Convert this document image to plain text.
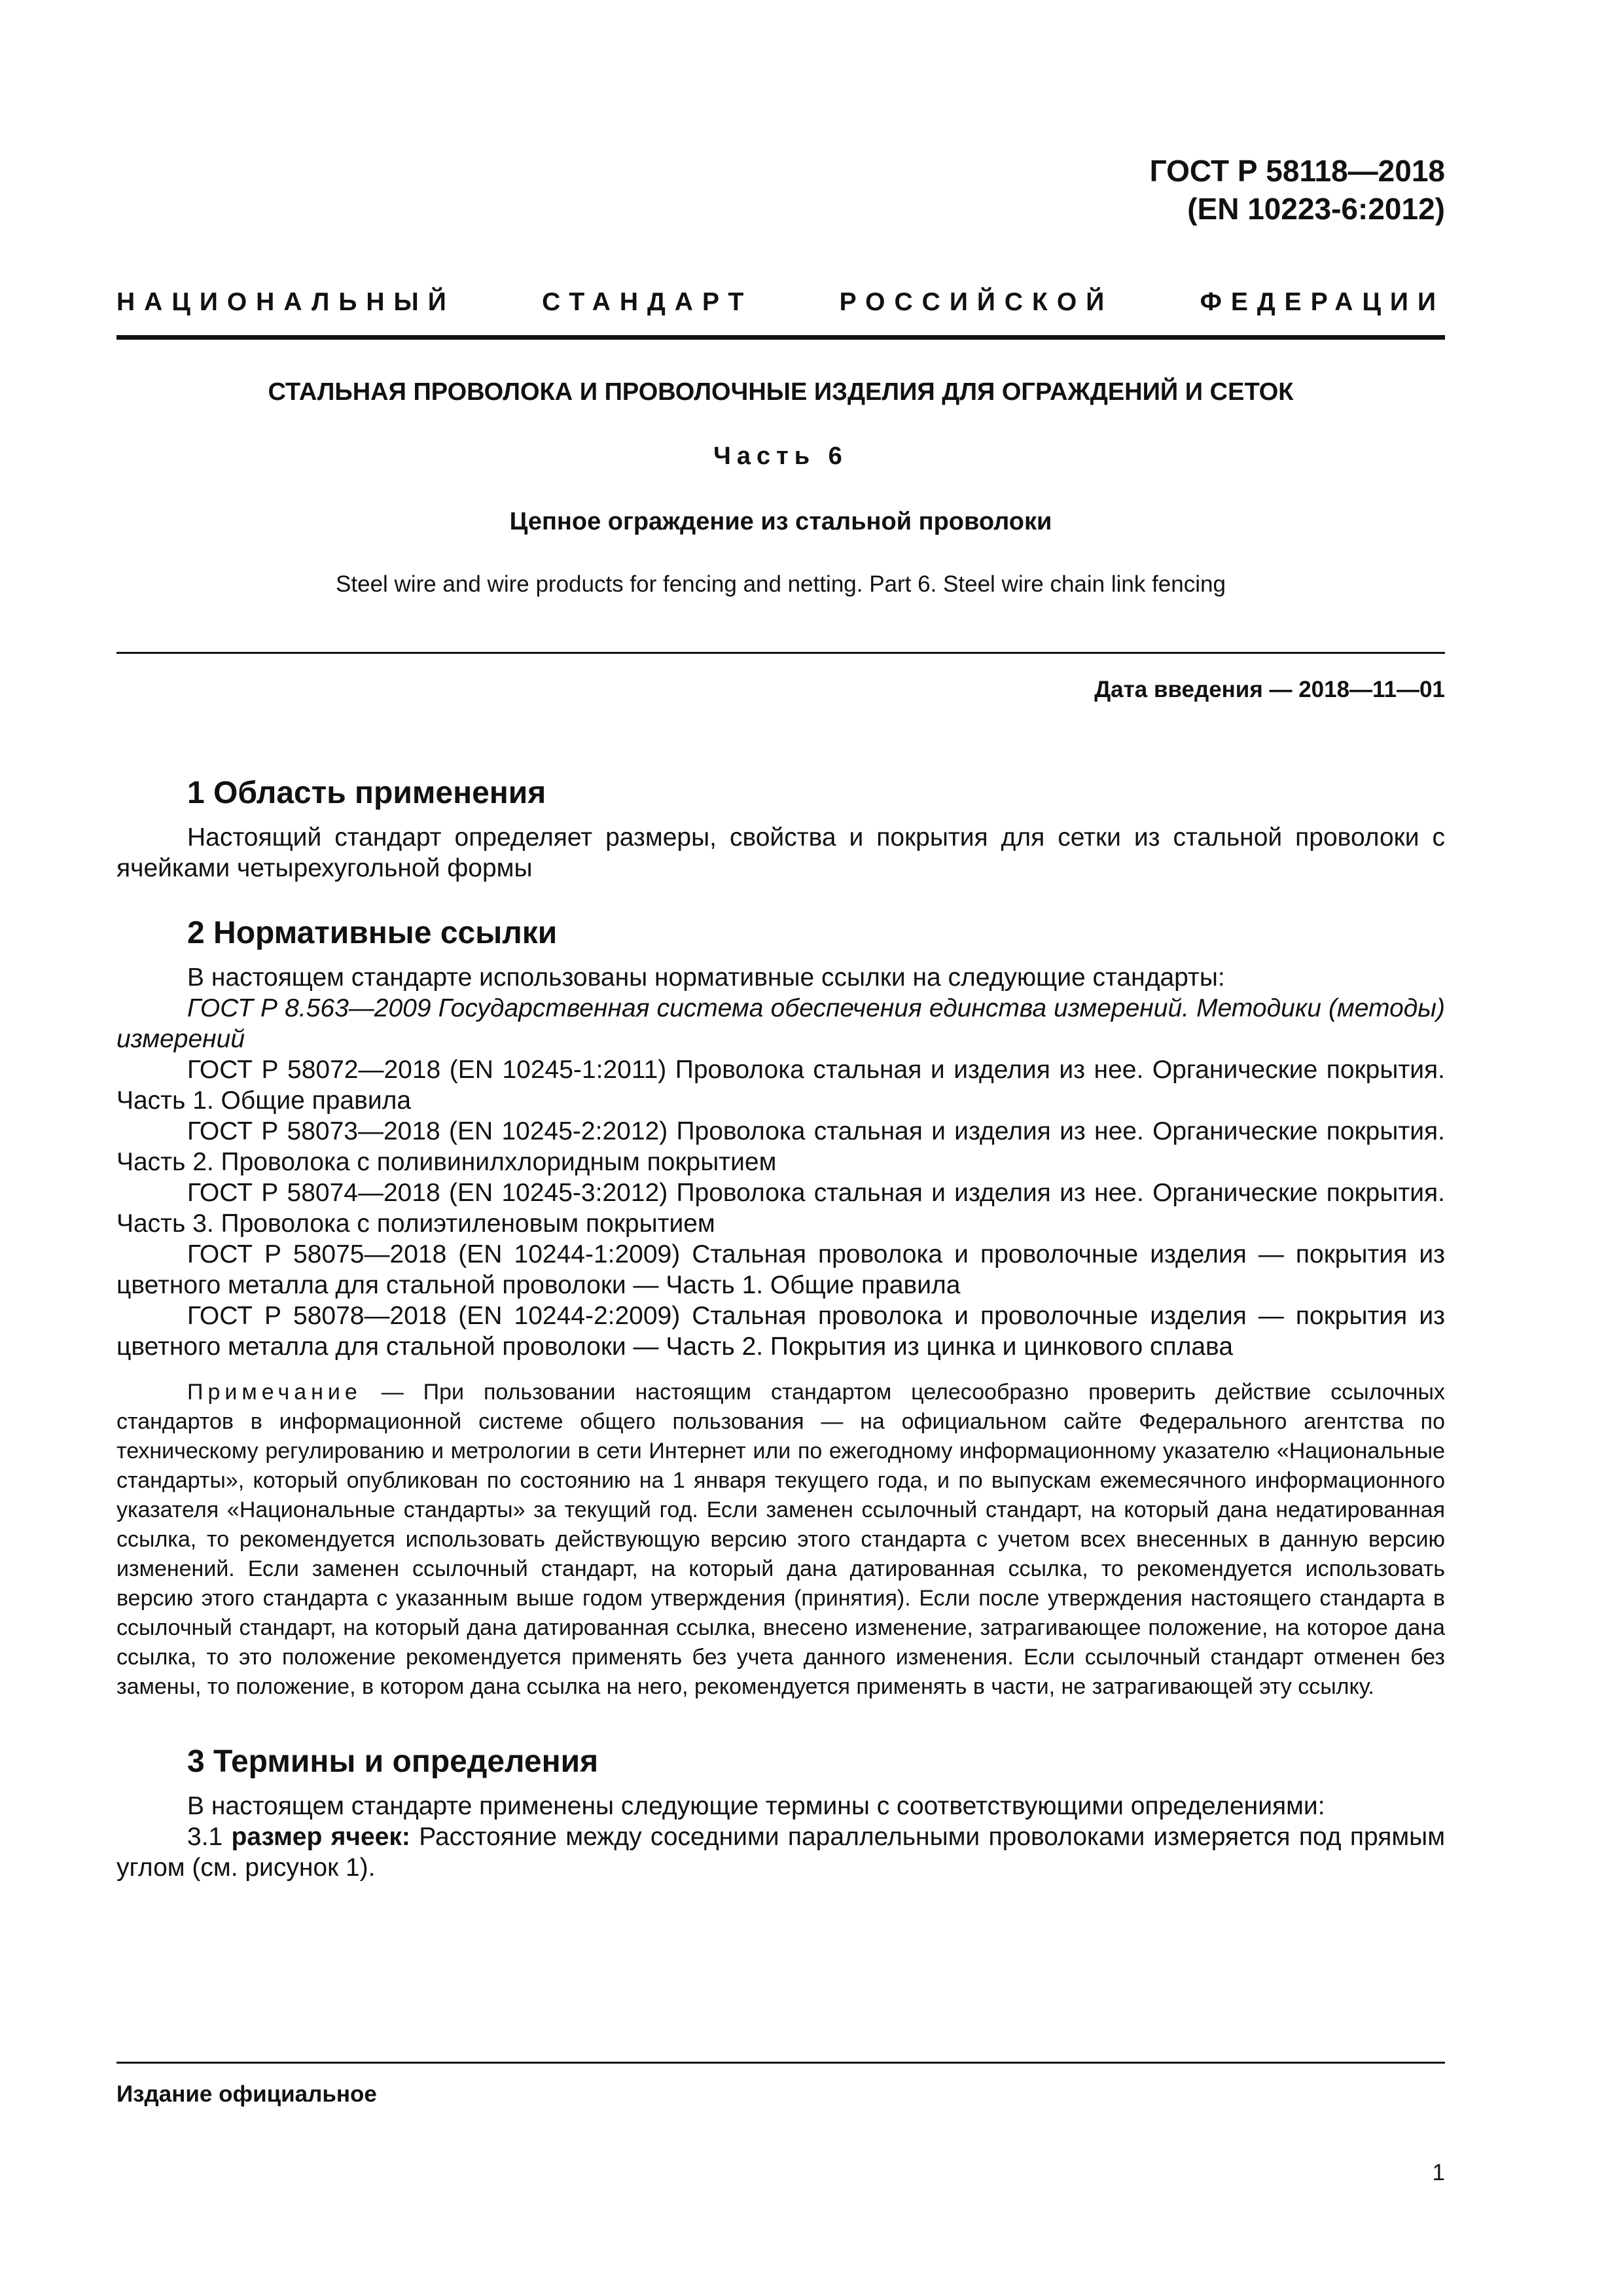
ГОСТ Р 58118—2018
(EN 10223-6:2012)
НАЦИОНАЛЬНЫЙ СТАНДАРТ РОССИЙСКОЙ ФЕДЕРАЦИИ
СТАЛЬНАЯ ПРОВОЛОКА И ПРОВОЛОЧНЫЕ ИЗДЕЛИЯ ДЛЯ ОГРАЖДЕНИЙ И СЕТОК
Часть 6
Цепное ограждение из стальной проволоки
Steel wire and wire products for fencing and netting. Part 6. Steel wire chain link fencing
Дата введения — 2018—11—01
1 Область применения

Настоящий стандарт определяет размеры, свойства и покрытия для сетки из стальной проволоки с ячейками четырехугольной формы

2 Нормативные ссылки

В настоящем стандарте использованы нормативные ссылки на следующие стандарты:

ГОСТ Р 8.563—2009 Государственная система обеспечения единства измерений. Методики (методы) измерений

ГОСТ Р 58072—2018 (EN 10245-1:2011) Проволока стальная и изделия из нее. Органические покрытия. Часть 1. Общие правила

ГОСТ Р 58073—2018 (EN 10245-2:2012) Проволока стальная и изделия из нее. Органические покрытия. Часть 2. Проволока с поливинилхлоридным покрытием

ГОСТ Р 58074—2018 (EN 10245-3:2012) Проволока стальная и изделия из нее. Органические покрытия. Часть 3. Проволока с полиэтиленовым покрытием

ГОСТ Р 58075—2018 (EN 10244-1:2009) Стальная проволока и проволочные изделия — покрытия из цветного металла для стальной проволоки — Часть 1. Общие правила

ГОСТ Р 58078—2018 (EN 10244-2:2009) Стальная проволока и проволочные изделия — покрытия из цветного металла для стальной проволоки — Часть 2. Покрытия из цинка и цинкового сплава

Примечание — При пользовании настоящим стандартом целесообразно проверить действие ссылочных стандартов в информационной системе общего пользования — на официальном сайте Федерального агентства по техническому регулированию и метрологии в сети Интернет или по ежегодному информационному указателю «Национальные стандарты», который опубликован по состоянию на 1 января текущего года, и по выпускам ежемесячного информационного указателя «Национальные стандарты» за текущий год. Если заменен ссылочный стандарт, на который дана недатированная ссылка, то рекомендуется использовать действующую версию этого стандарта с учетом всех внесенных в данную версию изменений. Если заменен ссылочный стандарт, на который дана датированная ссылка, то рекомендуется использовать версию этого стандарта с указанным выше годом утверждения (принятия). Если после утверждения настоящего стандарта в ссылочный стандарт, на который дана датированная ссылка, внесено изменение, затрагивающее положение, на которое дана ссылка, то это положение рекомендуется применять без учета данного изменения. Если ссылочный стандарт отменен без замены, то положение, в котором дана ссылка на него, рекомендуется применять в части, не затрагивающей эту ссылку.

3 Термины и определения

В настоящем стандарте применены следующие термины с соответствующими определениями:

3.1 размер ячеек: Расстояние между соседними параллельными проволоками измеряется под прямым углом (см. рисунок 1).

Издание официальное
1
